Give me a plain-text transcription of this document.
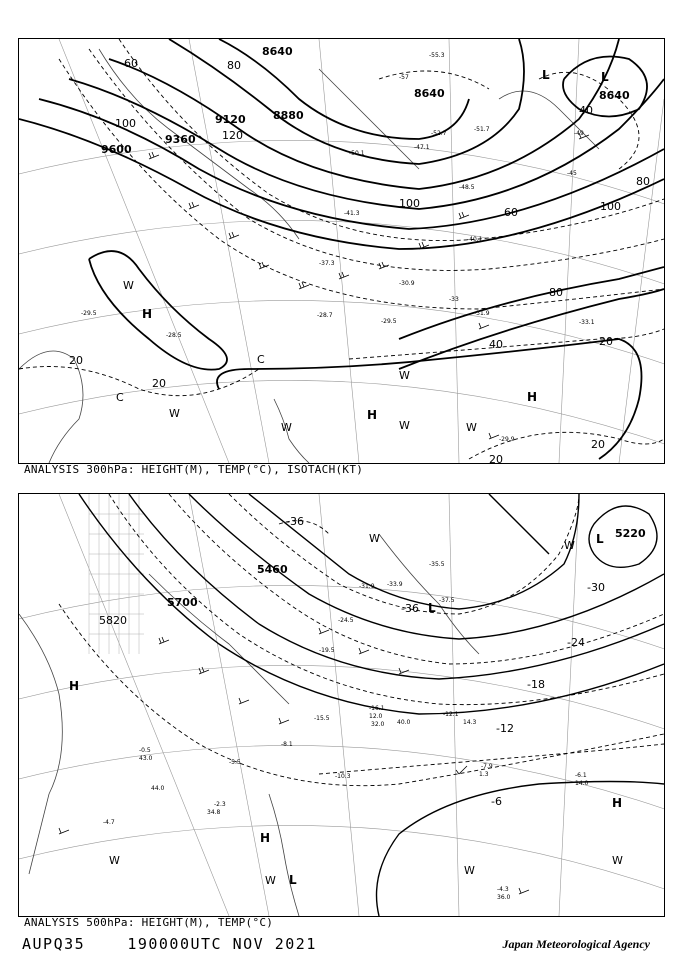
8640
8640	8640
8880
9120
9360
9600
20
20
20
20
20
40
40
60
60
80
80
80
100
100	100
120
H
H
H
L	L
W
W
W
W	W
W
C
C
-55.3
-57
-51.7
-47.1
-48.5
-52.7
-40.1
-33.1
-29.5
-28.5
-29.5	-31.9
-30.9
-37.3
-33
-29.9
-28.7
-41.3
-45
-49
-50.1
ANALYSIS 300hPa: HEIGHT(M), TEMP(°C), ISOTACH(KT)
5220
5460
5700
5820
-36
-36
-30
-24
-18
-12
-6
H
H
H
L
L
L
W
W
W
W
W
W
-35.5
-37.5
-33.9
-31.9
-24.5
-19.5
-15.5
-10.3
-7.9
1.3
-4.3
36.0
-6.1
14.0
-2.3
34.8
-16.1
12.0
32.0 40.0
-12.1
14.3
-8.1
-5.5
-0.5
43.0
-4.7
44.0
ANALYSIS 500hPa: HEIGHT(M), TEMP(°C)
AUPQ35	190000UTC NOV 2021	Japan Meteorological Agency
